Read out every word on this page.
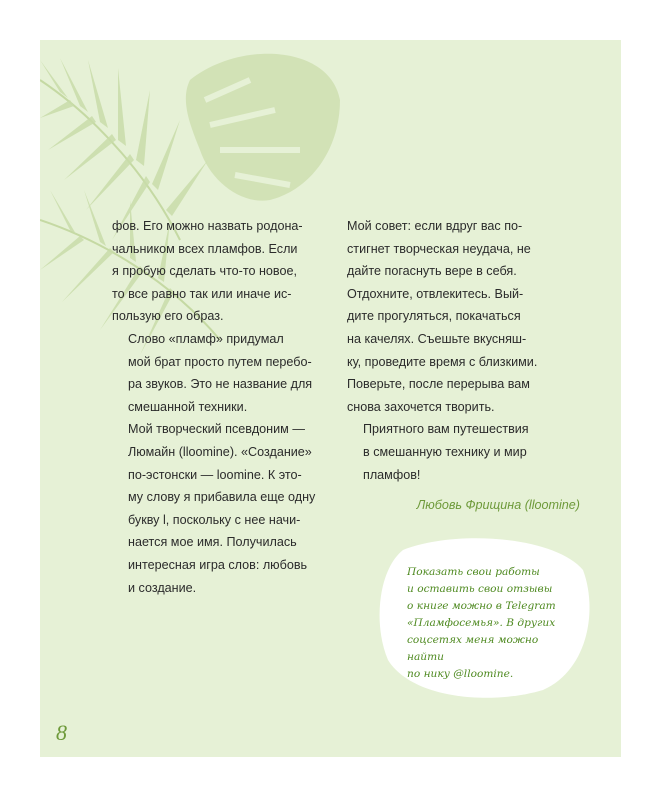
фов. Его можно назвать родона-
чальником всех пламфов. Если
я пробую сделать что-то новое,
то все равно так или иначе ис-
пользую его образ.

Слово «пламф» придумал
мой брат просто путем перебо-
ра звуков. Это не название для
смешанной техники.

Мой творческий псевдоним —
Люмайн (lloomine). «Создание»
по-эстонски — loomine. К это-
му слову я прибавила еще одну
букву l, поскольку с нее начи-
нается мое имя. Получилась
интересная игра слов: любовь
и создание.

Мой совет: если вдруг вас по-
стигнет творческая неудача, не
дайте погаснуть вере в себя.
Отдохните, отвлекитесь. Вый-
дите прогуляться, покачаться
на качелях. Съешьте вкусняш-
ку, проведите время с близкими.
Поверьте, после перерыва вам
снова захочется творить.

Приятного вам путешествия
в смешанную технику и мир
пламфов!

Любовь Фрищина (lloomine)

Показать свои работы

и оставить свои отзывы

о книге можно в Telegram

«Пламфосемья». В других

соцсетях меня можно найти

по нику @lloomine.

8
